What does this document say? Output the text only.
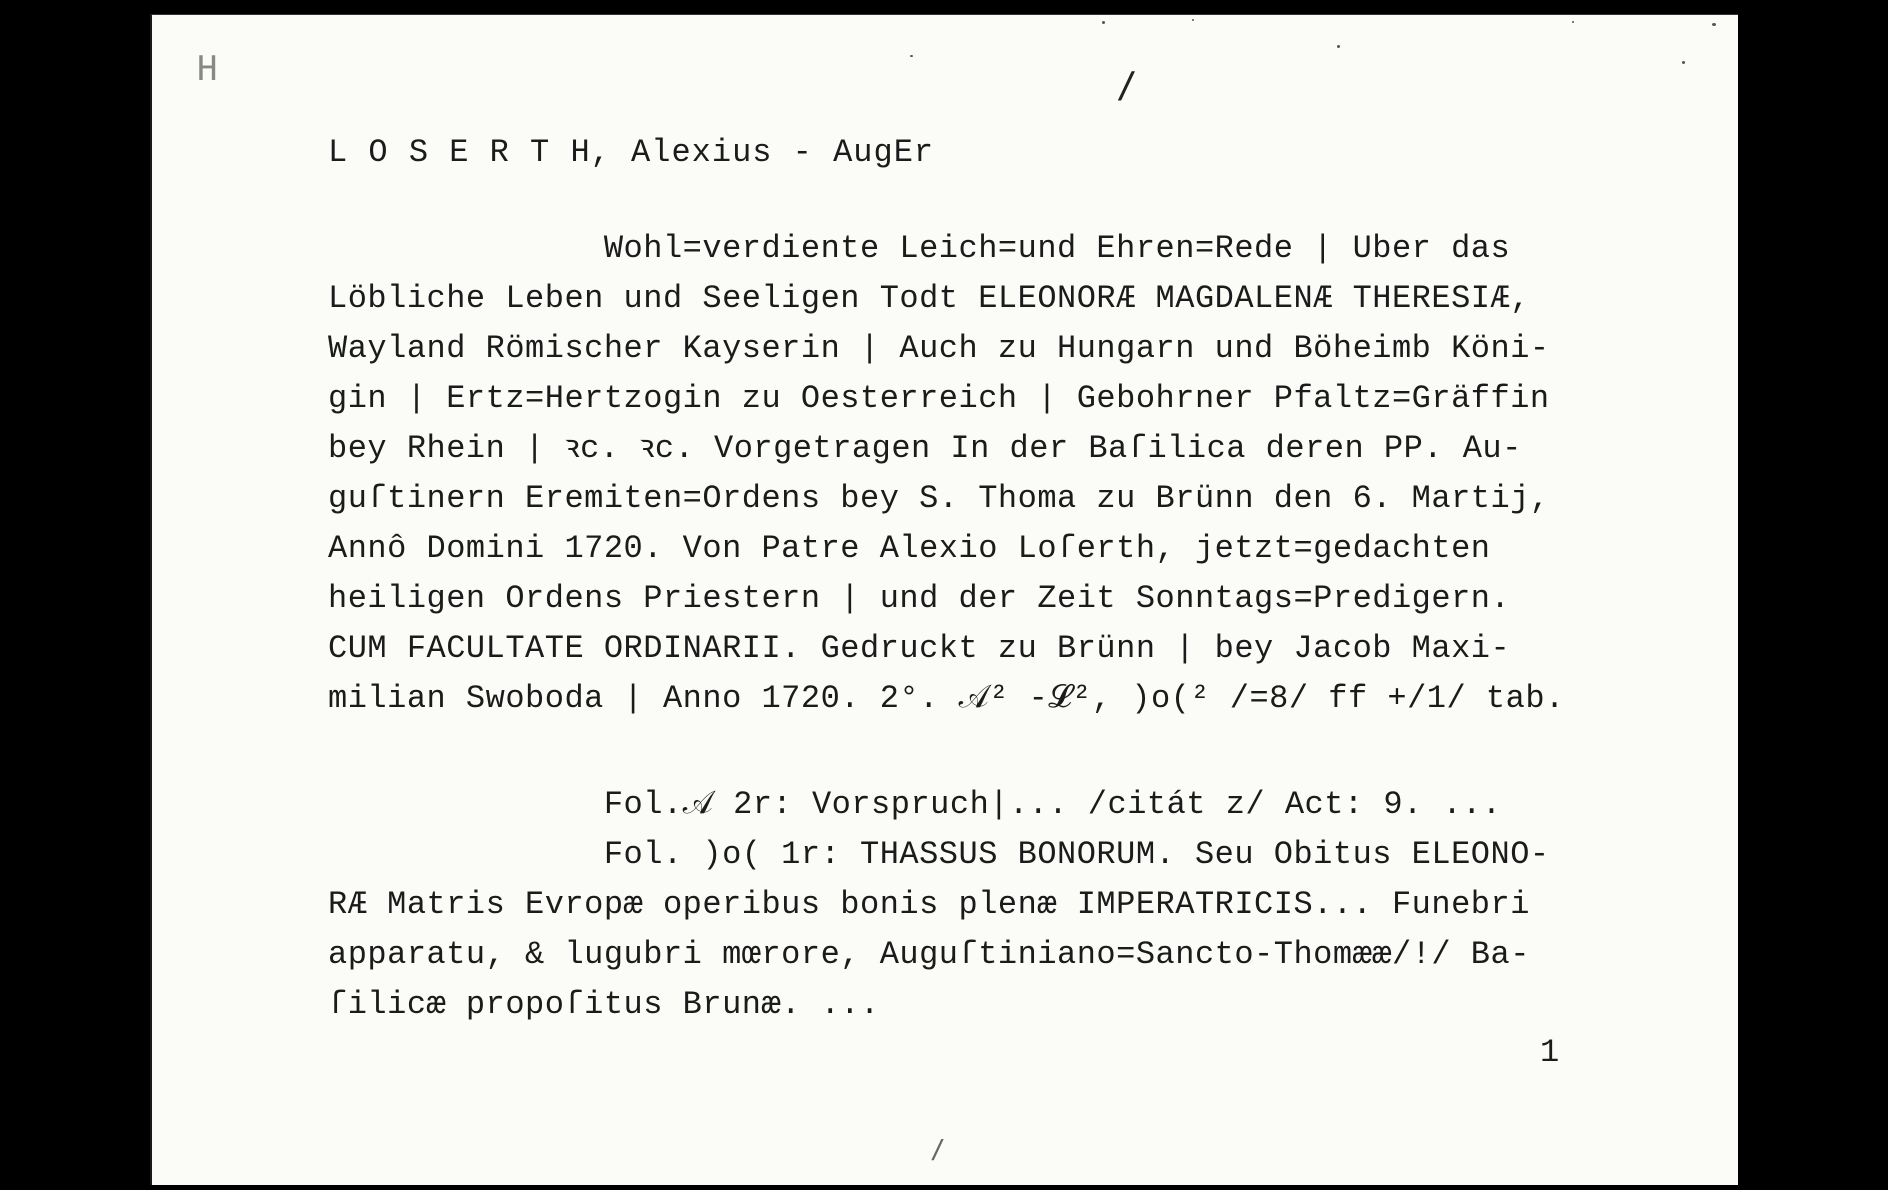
H	/
/
L O S E R T H, Alexius - AugEr
Wohl=verdiente Leich=und Ehren=Rede | Uber das
Löbliche Leben und Seeligen Todt ELEONORÆ MAGDALENÆ THERESIÆ,
Wayland Römischer Kayserin | Auch zu Hungarn und Böheimb Köni-
gin | Ertz=Hertzogin zu Oesterreich | Gebohrner Pfaltz=Gräffin
bey Rhein | ꝛc. ꝛc. Vorgetragen In der Baſilica deren PP. Au-
guſtinern Eremiten=Ordens bey S. Thoma zu Brünn den 6. Martij,
Annô Domini 1720. Von Patre Alexio Loſerth, jetzt=gedachten
heiligen Ordens Priestern | und der Zeit Sonntags=Predigern.
CUM FACULTATE ORDINARII. Gedruckt zu Brünn | bey Jacob Maxi-
milian Swoboda | Anno 1720. 2°. 𝒜² -𝓛², )o(² /=8/ ff +/1/ tab.
Fol.𝒜 2r: Vorspruch|... /citát z/ Act: 9. ...
Fol. )o( 1r: THASSUS BONORUM. Seu Obitus ELEONO-
RÆ Matris Evropæ operibus bonis plenæ IMPERATRICIS... Funebri
apparatu, & lugubri mœrore, Auguſtiniano=Sancto-Thomææ/!/ Ba-
ſilicæ propoſitus Brunæ. ...
1
